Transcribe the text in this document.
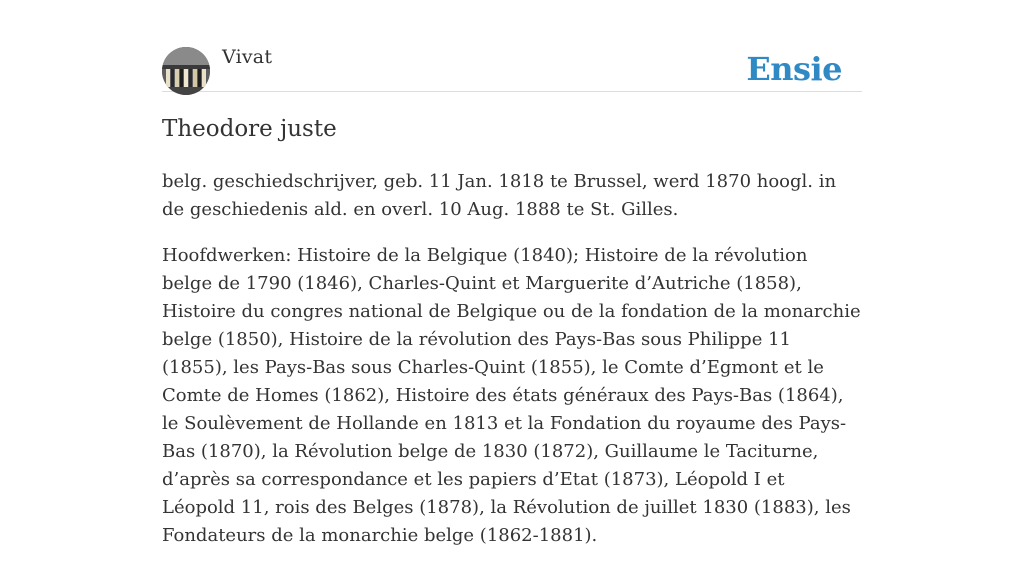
Vivat	Ensie
Theodore juste

belg. geschiedschrijver, geb. 11 Jan. 1818 te Brussel, werd 1870 hoogl. in de geschiedenis ald. en overl. 10 Aug. 1888 te St. Gilles.

Hoofdwerken: Histoire de la Belgique (1840); Histoire de la révolution belge de 1790 (1846), Charles-Quint et Marguerite d’Autriche (1858), Histoire du congres national de Belgique ou de la fondation de la monarchie belge (1850), Histoire de la révolution des Pays-Bas sous Philippe 11 (1855), les Pays-Bas sous Charles-Quint (1855), le Comte d’Egmont et le Comte de Homes (1862), Histoire des états généraux des Pays-Bas (1864), le Soulèvement de Hollande en 1813 et la Fondation du royaume des Pays-Bas (1870), la Révolution belge de 1830 (1872), Guillaume le Taciturne, d’après sa correspondance et les papiers d’Etat (1873), Léopold I et Léopold 11, rois des Belges (1878), la Révolution de juillet 1830 (1883), les Fondateurs de la monarchie belge (1862-1881).
